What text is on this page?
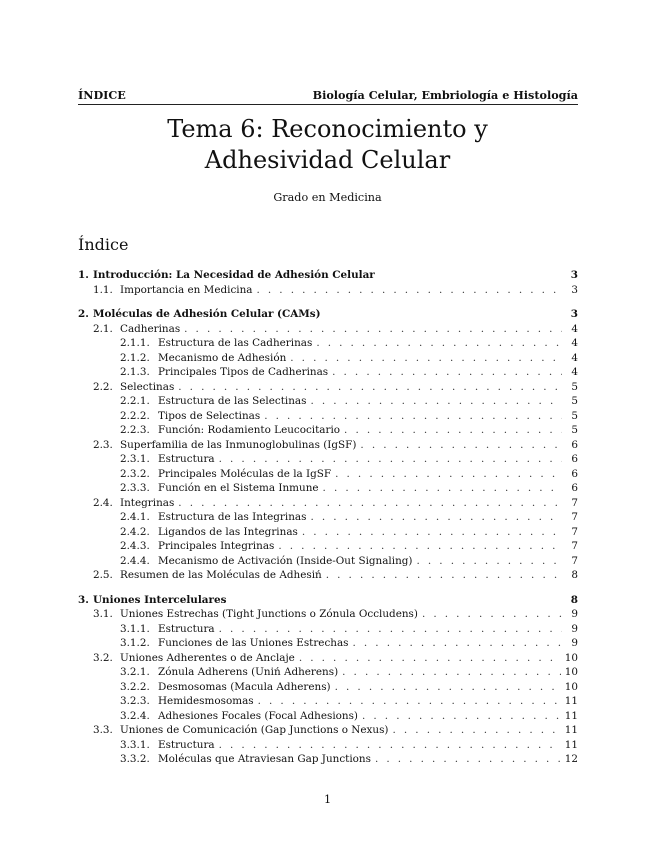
ÍNDICE	Biología Celular, Embriología e Histología
Tema 6: Reconocimiento y
Adhesividad Celular
Grado en Medicina
Índice
1. Introducción: La Necesidad de Adhesión Celular	3
1.1. Importancia en Medicina . . .	3
2. Moléculas de Adhesión Celular (CAMs)	3
2.1. Cadherinas . . .	4
2.1.1. Estructura de las Cadherinas . . .	4
2.1.2. Mecanismo de Adhesión . . .	4
2.1.3. Principales Tipos de Cadherinas . . .	4
2.2. Selectinas . . .	5
2.2.1. Estructura de las Selectinas . . .	5
2.2.2. Tipos de Selectinas . . .	5
2.2.3. Función: Rodamiento Leucocitario . . .	5
2.3. Superfamilia de las Inmunoglobulinas (IgSF) . . .	6
2.3.1. Estructura . . .	6
2.3.2. Principales Moléculas de la IgSF . . .	6
2.3.3. Función en el Sistema Inmune . . .	6
2.4. Integrinas . . .	7
2.4.1. Estructura de las Integrinas . . .	7
2.4.2. Ligandos de las Integrinas . . .	7
2.4.3. Principales Integrinas . . .	7
2.4.4. Mecanismo de Activación (Inside-Out Signaling) . . .	7
2.5. Resumen de las Moléculas de Adhesiń . . .	8
3. Uniones Intercelulares	8
3.1. Uniones Estrechas (Tight Junctions o Zónula Occludens) . . .	9
3.1.1. Estructura . . .	9
3.1.2. Funciones de las Uniones Estrechas . . .	9
3.2. Uniones Adherentes o de Anclaje . . .	10
3.2.1. Zónula Adherens (Uniń Adherens) . . .	10
3.2.2. Desmosomas (Macula Adherens) . . .	10
3.2.3. Hemidesmosomas . . .	11
3.2.4. Adhesiones Focales (Focal Adhesions) . . .	11
3.3. Uniones de Comunicación (Gap Junctions o Nexus) . . .	11
3.3.1. Estructura . . .	11
3.3.2. Moléculas que Atraviesan Gap Junctions . . .	12
1
